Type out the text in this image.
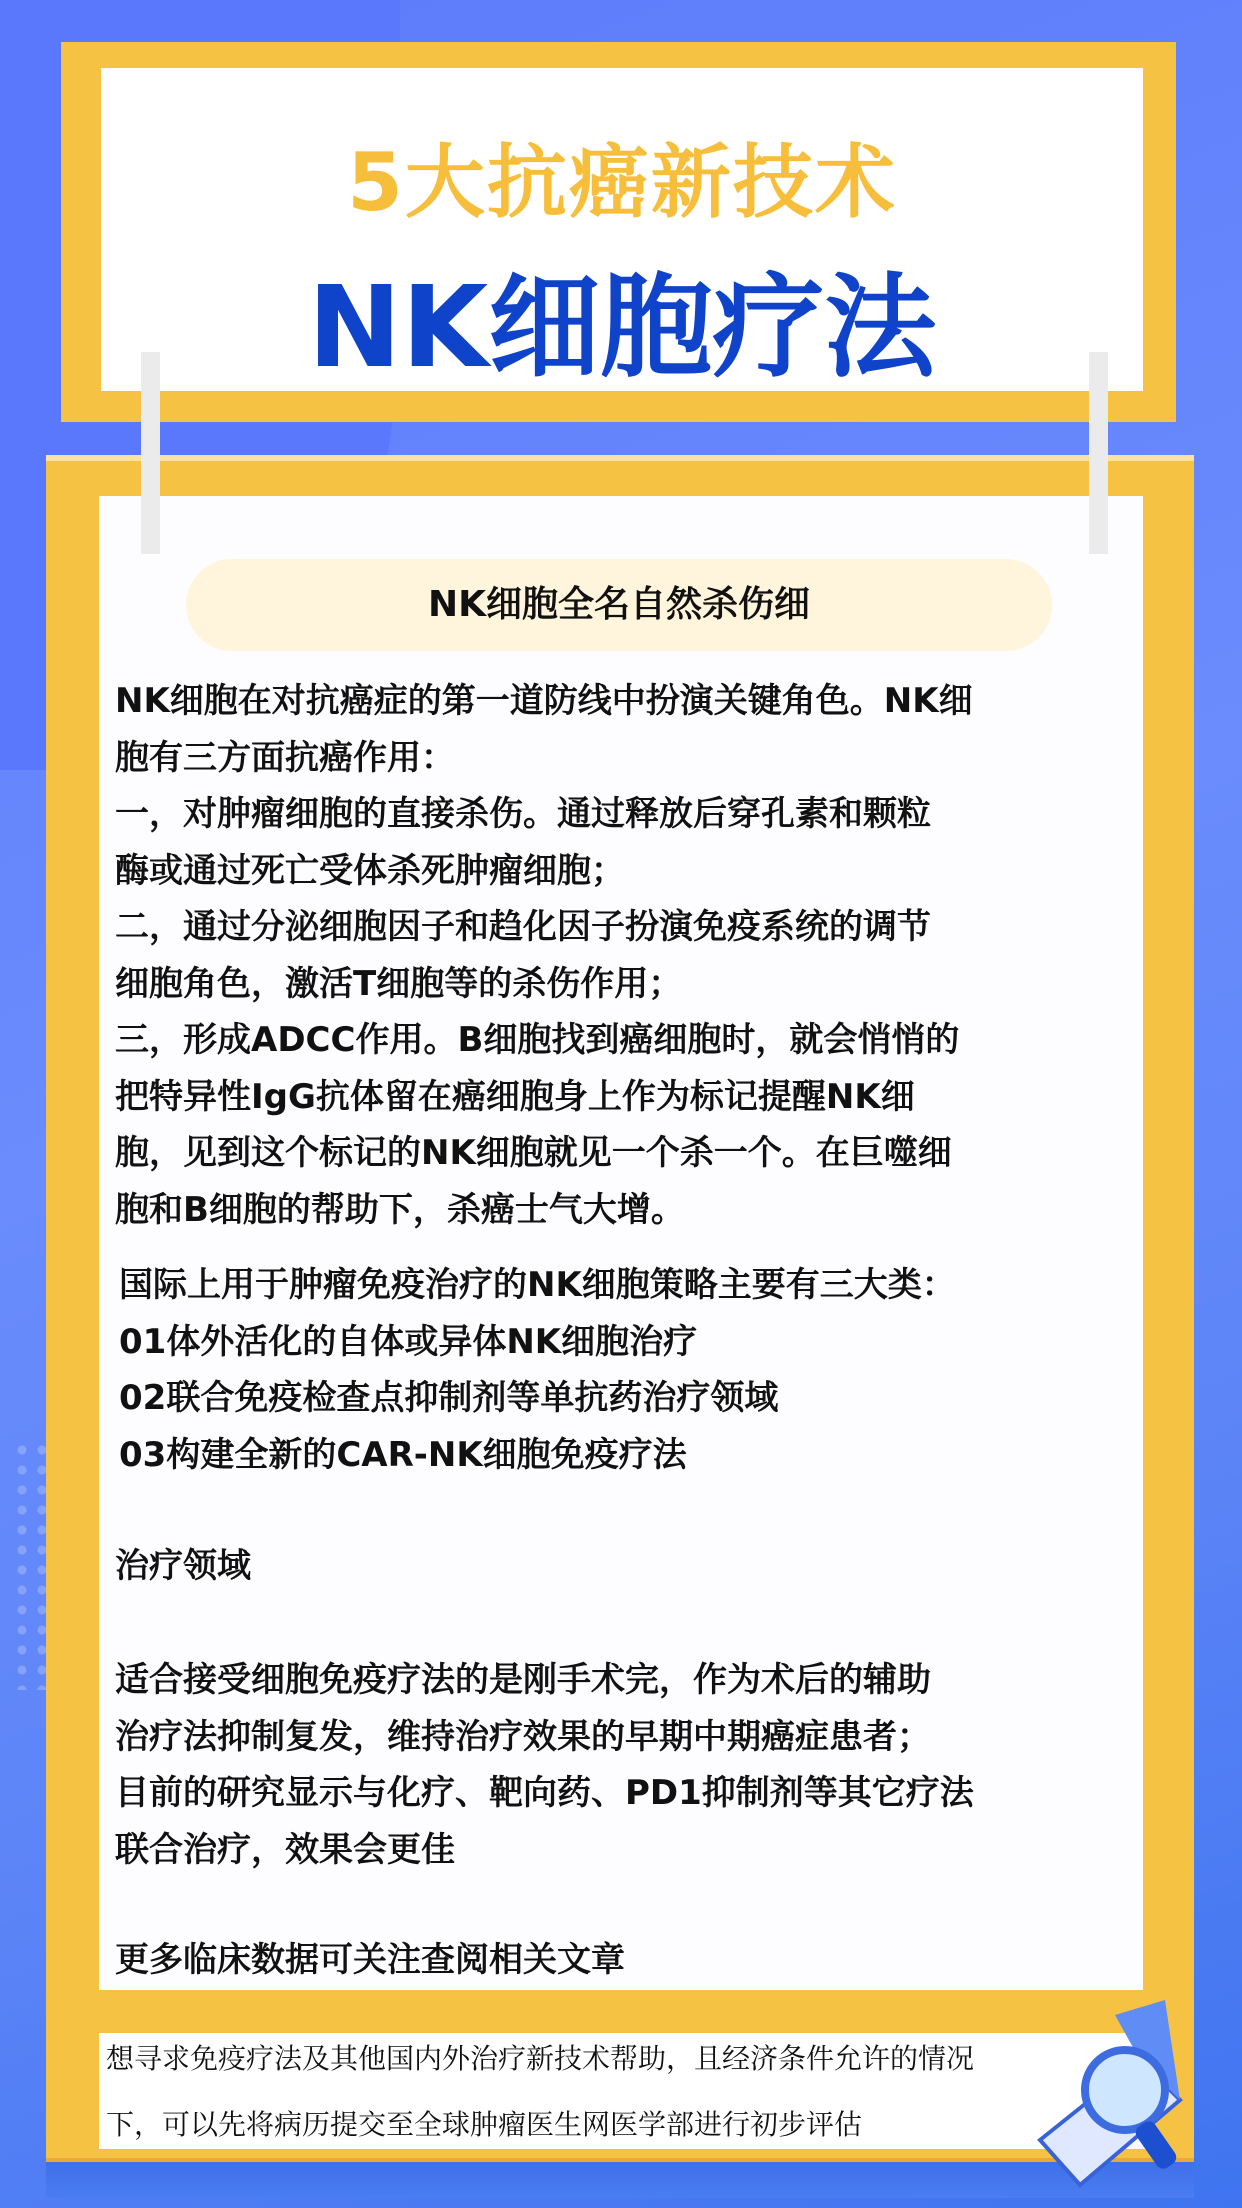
5大抗癌新技术
NK细胞疗法
NK细胞全名自然杀伤细
NK细胞在对抗癌症的第一道防线中扮演关键角色。NK细
胞有三方面抗癌作用：
一，对肿瘤细胞的直接杀伤。通过释放后穿孔素和颗粒
酶或通过死亡受体杀死肿瘤细胞；
二，通过分泌细胞因子和趋化因子扮演免疫系统的调节
细胞角色，激活T细胞等的杀伤作用；
三，形成ADCC作用。B细胞找到癌细胞时，就会悄悄的
把特异性IgG抗体留在癌细胞身上作为标记提醒NK细
胞，见到这个标记的NK细胞就见一个杀一个。在巨噬细
胞和B细胞的帮助下，杀癌士气大增。
国际上用于肿瘤免疫治疗的NK细胞策略主要有三大类：
01体外活化的自体或异体NK细胞治疗
02联合免疫检查点抑制剂等单抗药治疗领域
03构建全新的CAR-NK细胞免疫疗法
治疗领域
适合接受细胞免疫疗法的是刚手术完，作为术后的辅助
治疗法抑制复发，维持治疗效果的早期中期癌症患者；
目前的研究显示与化疗、靶向药、PD1抑制剂等其它疗法
联合治疗，效果会更佳
更多临床数据可关注查阅相关文章
想寻求免疫疗法及其他国内外治疗新技术帮助，且经济条件允许的情况
下，可以先将病历提交至全球肿瘤医生网医学部进行初步评估
